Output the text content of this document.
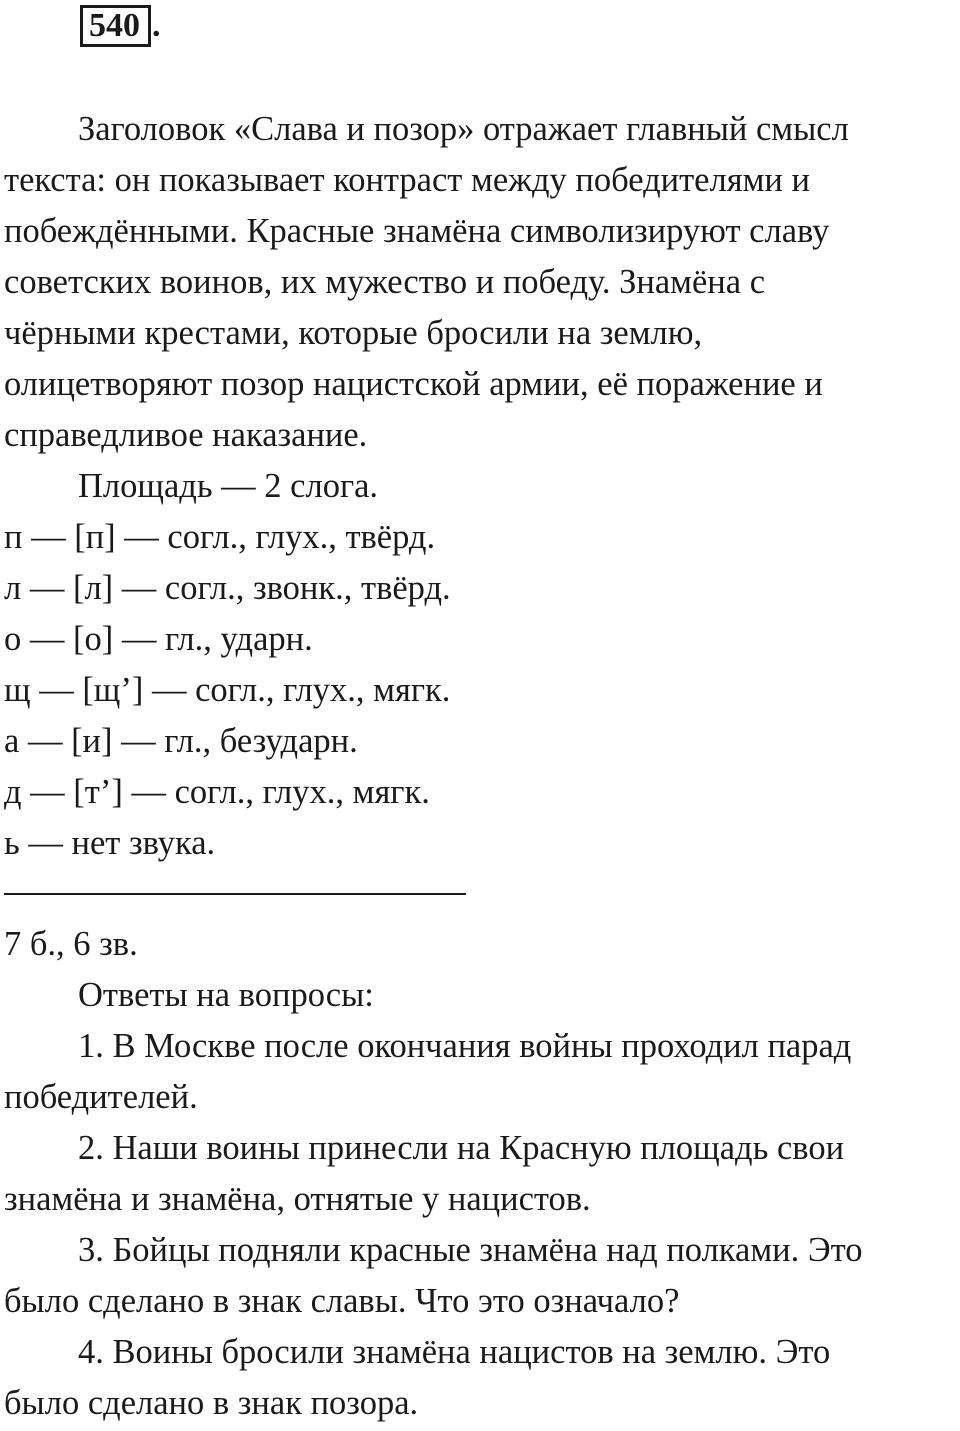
540 .

Заголовок «Слава и позор» отражает главный смысл

текста: он показывает контраст между победителями и

побеждёнными. Красные знамёна символизируют славу

советских воинов, их мужество и победу. Знамёна с

чёрными крестами, которые бросили на землю,

олицетворяют позор нацистской армии, её поражение и

справедливое наказание.

Площадь — 2 слога.

п — [п] — согл., глух., твёрд.

л — [л] — согл., звонк., твёрд.

о — [о] — гл., ударн.

щ — [щ’] — согл., глух., мягк.

а — [и] — гл., безударн.

д — [т’] — согл., глух., мягк.

ь — нет звука.

7 б., 6 зв.

Ответы на вопросы:

1. В Москве после окончания войны проходил парад

победителей.

2. Наши воины принесли на Красную площадь свои

знамёна и знамёна, отнятые у нацистов.

3. Бойцы подняли красные знамёна над полками. Это

было сделано в знак славы. Что это означало?

4. Воины бросили знамёна нацистов на землю. Это

было сделано в знак позора.
